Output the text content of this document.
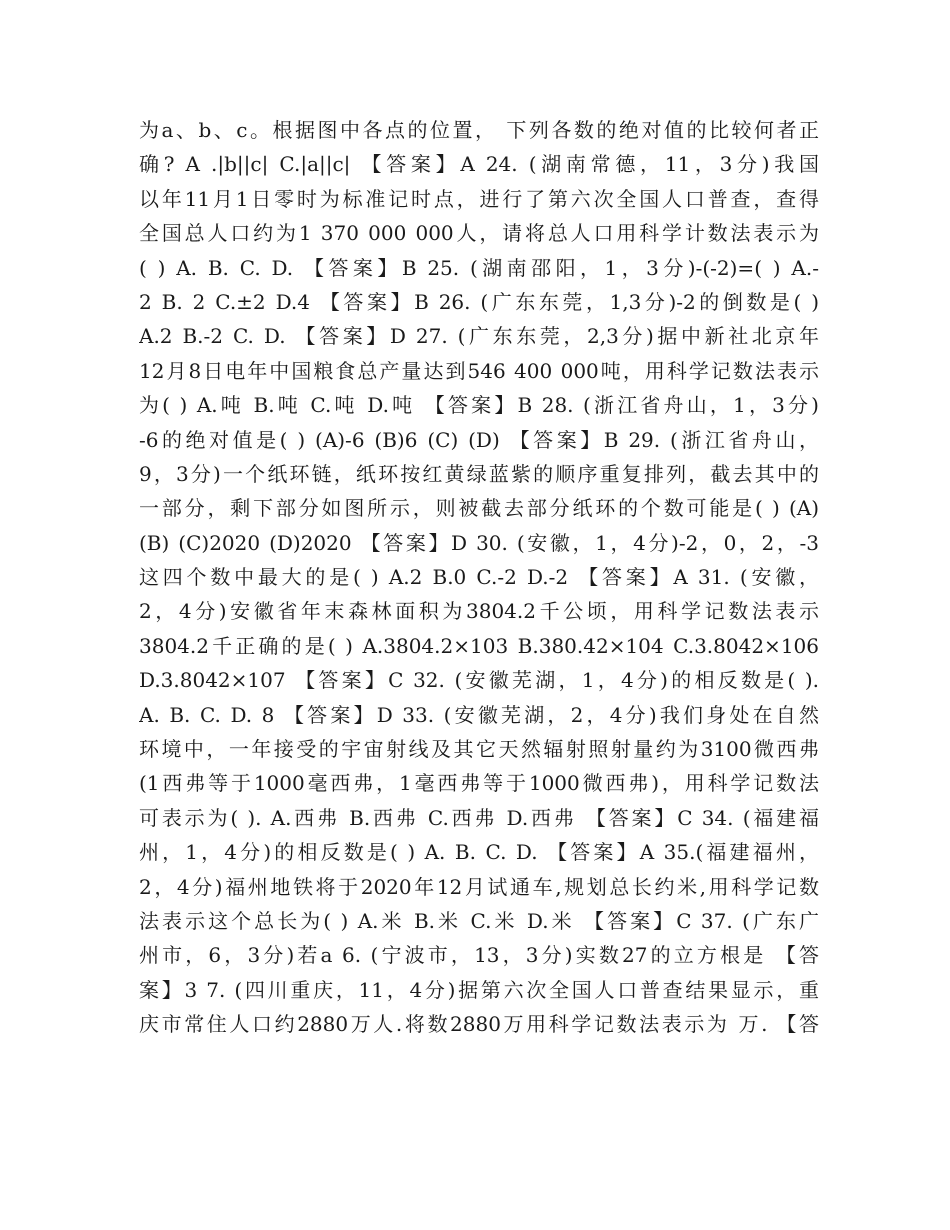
为a、b、c。根据图中各点的位置， 下列各数的绝对值的比较何者正
确? A .|b||c| C.|a||c| 【答案】A 24. (湖南常德，11，3分)我国
以年11月1日零时为标准记时点，进行了第六次全国人口普查，查得
全国总人口约为1 370 000 000人，请将总人口用科学计数法表示为
( ) A. B. C. D. 【答案】B 25. (湖南邵阳，1，3分)-(-2)=( ) A.-
2 B. 2 C.±2 D.4 【答案】B 26. (广东东莞，1,3分)-2的倒数是( )
A.2 B.-2 C. D. 【答案】D 27. (广东东莞，2,3分)据中新社北京年
12月8日电年中国粮食总产量达到546 400 000吨，用科学记数法表示
为( ) A.吨 B.吨 C.吨 D.吨 【答案】B 28. (浙江省舟山，1，3分)
-6的绝对值是( ) (A)-6 (B)6 (C) (D) 【答案】B 29. (浙江省舟山，
9，3分)一个纸环链，纸环按红黄绿蓝紫的顺序重复排列，截去其中的
一部分，剩下部分如图所示，则被截去部分纸环的个数可能是( ) (A)
(B) (C)2020 (D)2020 【答案】D 30. (安徽，1，4分)-2，0，2，-3
这四个数中最大的是( ) A.2 B.0 C.-2 D.-2 【答案】A 31. (安徽，
2，4分)安徽省年末森林面积为3804.2千公顷，用科学记数法表示
3804.2千正确的是( ) A.3804.2×103 B.380.42×104 C.3.8042×106
D.3.8042×107 【答案】C 32. (安徽芜湖，1，4分)的相反数是( ).
A. B. C. D. 8 【答案】D 33. (安徽芜湖，2，4分)我们身处在自然
环境中，一年接受的宇宙射线及其它天然辐射照射量约为3100微西弗
(1西弗等于1000毫西弗，1毫西弗等于1000微西弗)，用科学记数法
可表示为( ). A.西弗 B.西弗 C.西弗 D.西弗 【答案】C 34. (福建福
州，1，4分)的相反数是( ) A. B. C. D. 【答案】A 35.(福建福州，
2，4分)福州地铁将于2020年12月试通车,规划总长约米,用科学记数
法表示这个总长为( ) A.米 B.米 C.米 D.米 【答案】C 37. (广东广
州市，6，3分)若a 6. (宁波市，13，3分)实数27的立方根是 【答
案】3 7. (四川重庆，11，4分)据第六次全国人口普查结果显示，重
庆市常住人口约2880万人.将数2880万用科学记数法表示为 万. 【答
